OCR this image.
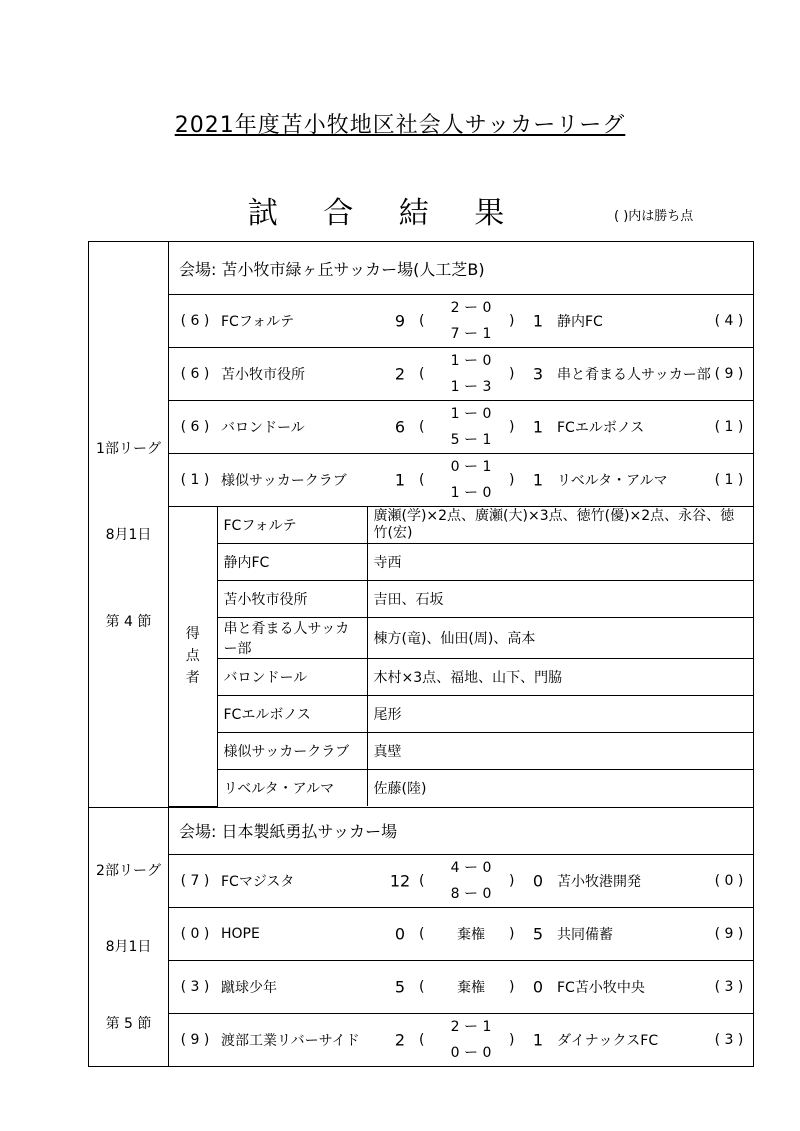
2021年度苫小牧地区社会人サッカーリーグ
試 合 結 果	( )内は勝ち点
1部リーグ
8月1日
第 4 節
	会場: 苫小牧市緑ヶ丘サッカー場(人工芝B)

( 6 ) FCフォルテ	9 (
2 ー 0
7 ー 1
)	1 静内FC	( 4 )

( 6 ) 苫小牧市役所	2 (
1 ー 0
1 ー 3
)	3 串と肴まる人サッカー部 ( 9 )

( 6 ) バロンドール	6 (
1 ー 0
5 ー 1
)	1 FCエルボノス	( 1 )

( 1 ) 様似サッカークラブ	1 (
0 ー 1
1 ー 0
)	1 リベルタ・アルマ	( 1 )

得
点
者	FCフォルテ	廣瀬(学)×2点、廣瀬(大)×3点、徳竹(優)×2点、永谷、徳竹(宏)
静内FC	寺西
苫小牧市役所	吉田、石坂
串と肴まる人サッカー部	棟方(竜)、仙田(周)、高本
バロンドール	木村×3点、福地、山下、門脇
FCエルボノス	尾形
様似サッカークラブ	真壁
リベルタ・アルマ	佐藤(陸)

2部リーグ
8月1日
第 5 節
	会場: 日本製紙勇払サッカー場

( 7 ) FCマジスタ	12 (
4 ー 0
8 ー 0
)	0 苫小牧港開発	( 0 )

( 0 ) HOPE	0 (	棄権	)	5 共同備蓄	( 9 )

( 3 ) 蹴球少年	5 (	棄権	)	0 FC苫小牧中央	( 3 )

( 9 ) 渡部工業リバーサイド	2 (
2 ー 1
0 ー 0
)	1 ダイナックスFC	( 3 )
